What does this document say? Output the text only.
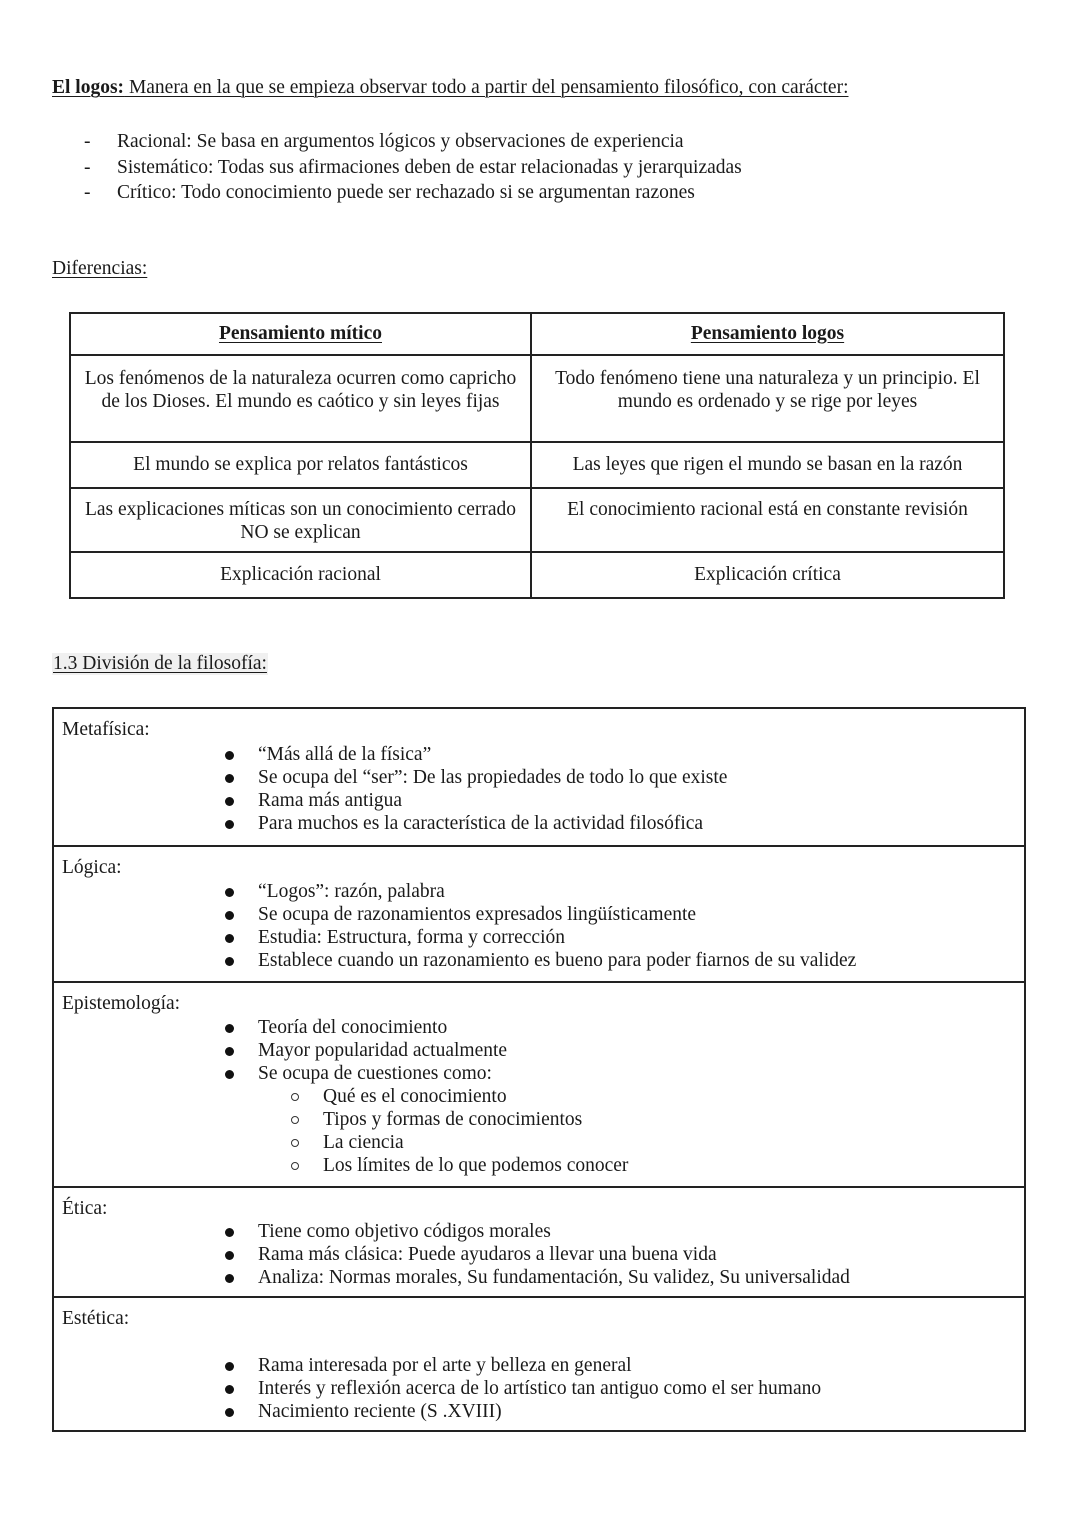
El logos: Manera en la que se empieza observar todo a partir del pensamiento filosófico, con carácter:
- Racional: Se basa en argumentos lógicos y observaciones de experiencia
- Sistemático: Todas sus afirmaciones deben de estar relacionadas y jerarquizadas
- Crítico: Todo conocimiento puede ser rechazado si se argumentan razones
Diferencias:
Pensamiento mítico	Pensamiento logos
Los fenómenos de la naturaleza ocurren como capricho de los Dioses. El mundo es caótico y sin leyes fijas	Todo fenómeno tiene una naturaleza y un principio. El mundo es ordenado y se rige por leyes
El mundo se explica por relatos fantásticos	Las leyes que rigen el mundo se basan en la razón
Las explicaciones míticas son un conocimiento cerrado NO se explican	El conocimiento racional está en constante revisión
Explicación racional	Explicación crítica
1.3 División de la filosofía:
Metafísica:
“Más allá de la física”
Se ocupa del “ser”: De las propiedades de todo lo que existe
Rama más antigua
Para muchos es la característica de la actividad filosófica
Lógica:
“Logos”: razón, palabra
Se ocupa de razonamientos expresados lingüísticamente
Estudia: Estructura, forma y corrección
Establece cuando un razonamiento es bueno para poder fiarnos de su validez
Epistemología:
Teoría del conocimiento
Mayor popularidad actualmente
Se ocupa de cuestiones como:
Qué es el conocimiento
Tipos y formas de conocimientos
La ciencia
Los límites de lo que podemos conocer
Ética:
Tiene como objetivo códigos morales
Rama más clásica: Puede ayudaros a llevar una buena vida
Analiza: Normas morales, Su fundamentación, Su validez, Su universalidad
Estética:
Rama interesada por el arte y belleza en general
Interés y reflexión acerca de lo artístico tan antiguo como el ser humano
Nacimiento reciente (S .XVIII)
